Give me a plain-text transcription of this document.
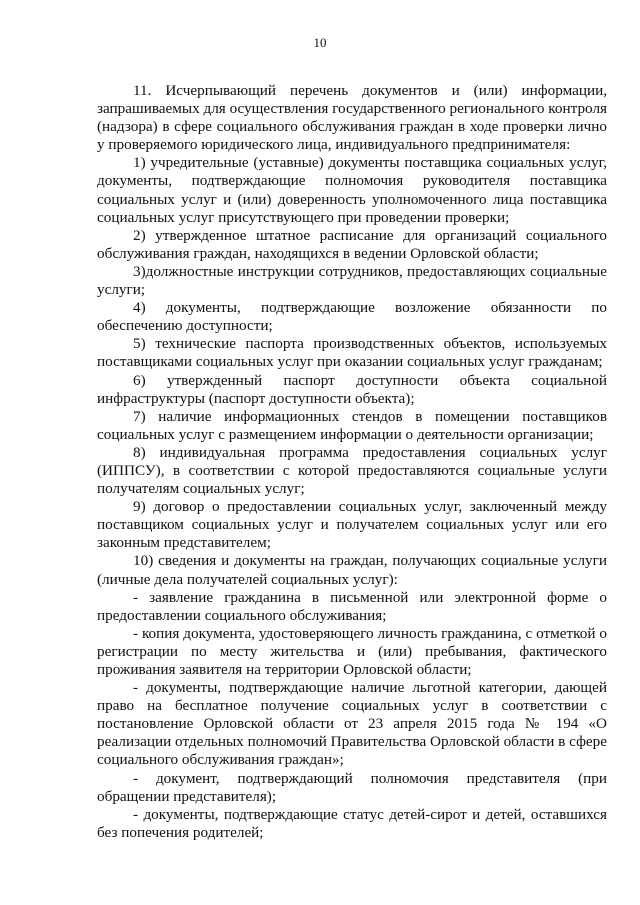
10

11. Исчерпывающий перечень документов и (или) информации, запрашиваемых для осуществления государственного регионального контроля (надзора) в сфере социального обслуживания граждан в ходе проверки лично у проверяемого юридического лица, индивидуального предпринимателя:

1) учредительные (уставные) документы поставщика социальных услуг, документы, подтверждающие полномочия руководителя поставщика социальных услуг и (или) доверенность уполномоченного лица поставщика социальных услуг присутствующего при проведении проверки;

2) утвержденное штатное расписание для организаций социального обслуживания граждан, находящихся в ведении Орловской области;

3)должностные инструкции сотрудников, предоставляющих социальные услуги;

4) документы, подтверждающие возложение обязанности по обеспечению доступности;

5) технические паспорта производственных объектов, используемых поставщиками социальных услуг при оказании социальных услуг гражданам;

6) утвержденный паспорт доступности объекта социальной инфраструктуры (паспорт доступности объекта);

7) наличие информационных стендов в помещении поставщиков социальных услуг с размещением информации о деятельности организации;

8) индивидуальная программа предоставления социальных услуг (ИППСУ), в соответствии с которой предоставляются социальные услуги получателям социальных услуг;

9) договор о предоставлении социальных услуг, заключенный между поставщиком социальных услуг и получателем социальных услуг или его законным представителем;

10) сведения и документы на граждан, получающих социальные услуги (личные дела получателей социальных услуг):

- заявление гражданина в письменной или электронной форме о предоставлении социального обслуживания;

- копия документа, удостоверяющего личность гражданина, с отметкой о регистрации по месту жительства и (или) пребывания, фактического проживания заявителя на территории Орловской области;

- документы, подтверждающие наличие льготной категории, дающей право на бесплатное получение социальных услуг в соответствии с постановление Орловской области от 23 апреля 2015 года № 194 «О реализации отдельных полномочий Правительства Орловской области в сфере социального обслуживания граждан»;

- документ, подтверждающий полномочия представителя (при обращении представителя);

- документы, подтверждающие статус детей-сирот и детей, оставшихся без попечения родителей;
